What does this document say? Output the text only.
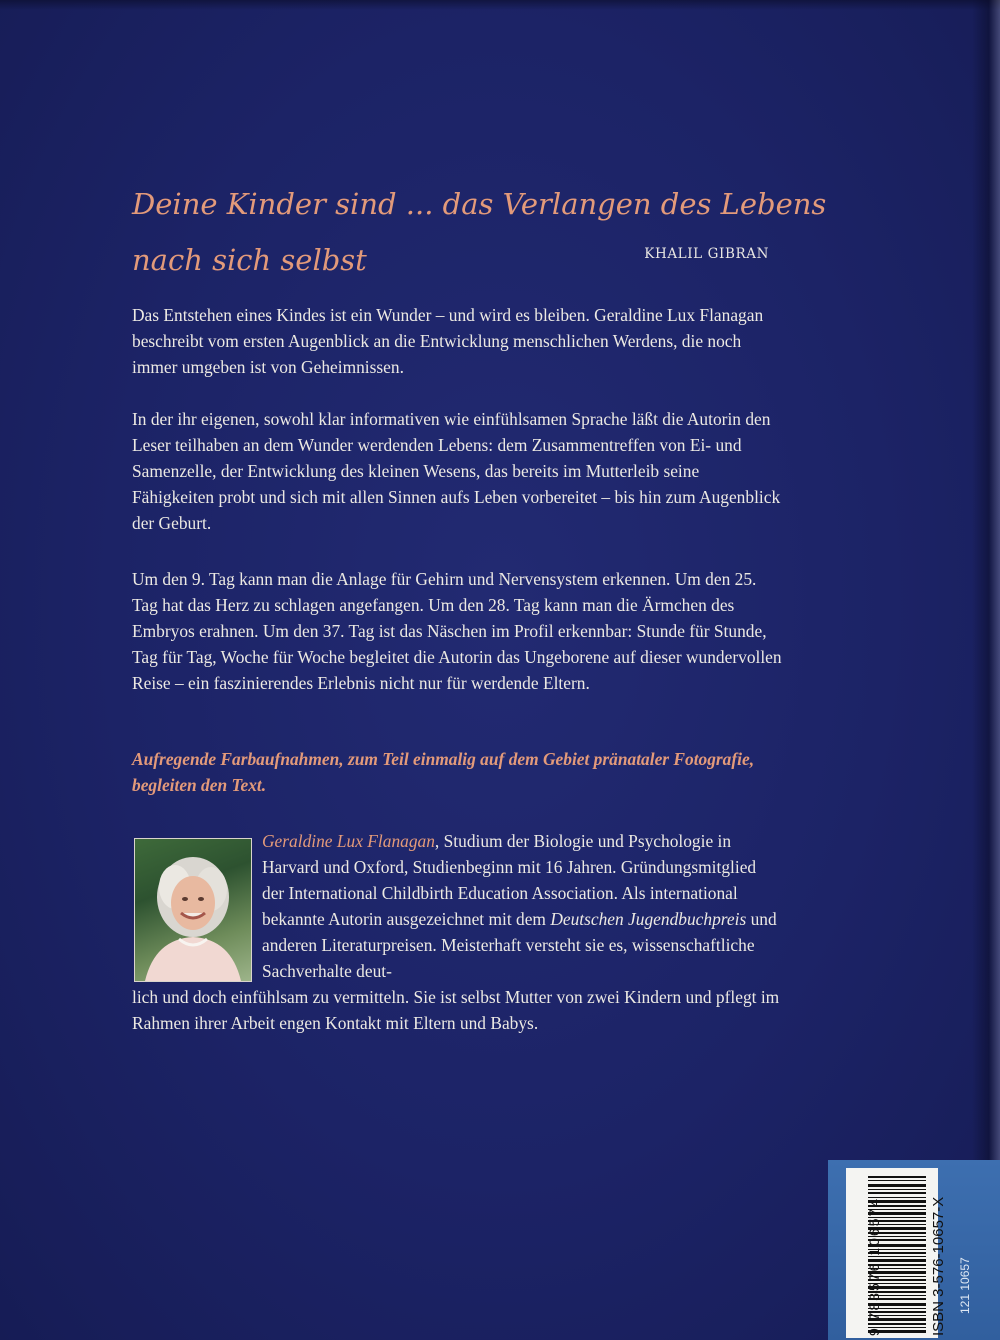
Deine Kinder sind ... das Verlangen des Lebens
nach sich selbst	KHALIL GIBRAN

Das Entstehen eines Kindes ist ein Wunder – und wird es bleiben. Geraldine Lux Flanagan beschreibt vom ersten Augenblick an die Entwicklung menschlichen Werdens, die noch immer umgeben ist von Geheimnissen.

In der ihr eigenen, sowohl klar informativen wie einfühlsamen Sprache läßt die Autorin den Leser teilhaben an dem Wunder werdenden Lebens: dem Zusammentreffen von Ei- und Samenzelle, der Entwicklung des kleinen Wesens, das bereits im Mutterleib seine Fähigkeiten probt und sich mit allen Sinnen aufs Leben vorbereitet – bis hin zum Augenblick der Geburt.

Um den 9. Tag kann man die Anlage für Gehirn und Nervensystem erkennen. Um den 25. Tag hat das Herz zu schlagen angefangen. Um den 28. Tag kann man die Ärmchen des Embryos erahnen. Um den 37. Tag ist das Näschen im Profil erkennbar: Stunde für Stunde, Tag für Tag, Woche für Woche begleitet die Autorin das Ungeborene auf dieser wundervollen Reise – ein faszinierendes Erlebnis nicht nur für werdende Eltern.

Aufregende Farbaufnahmen, zum Teil einmalig auf dem Gebiet pränataler Fotografie, begleiten den Text.

Geraldine Lux Flanagan, Studium der Biologie und Psychologie in Harvard und Oxford, Studienbeginn mit 16 Jahren. Gründungsmitglied der International Childbirth Education Association. Als international bekannte Autorin ausgezeichnet mit dem Deutschen Jugendbuchpreis und anderen Literaturpreisen. Meisterhaft versteht sie es, wissenschaftliche Sachverhalte deut-

lich und doch einfühlsam zu vermitteln. Sie ist selbst Mutter von zwei Kindern und pflegt im Rahmen ihrer Arbeit engen Kontakt mit Eltern und Babys.

ISBN 3-576-10657-X
9 783576 106574	121 10657
